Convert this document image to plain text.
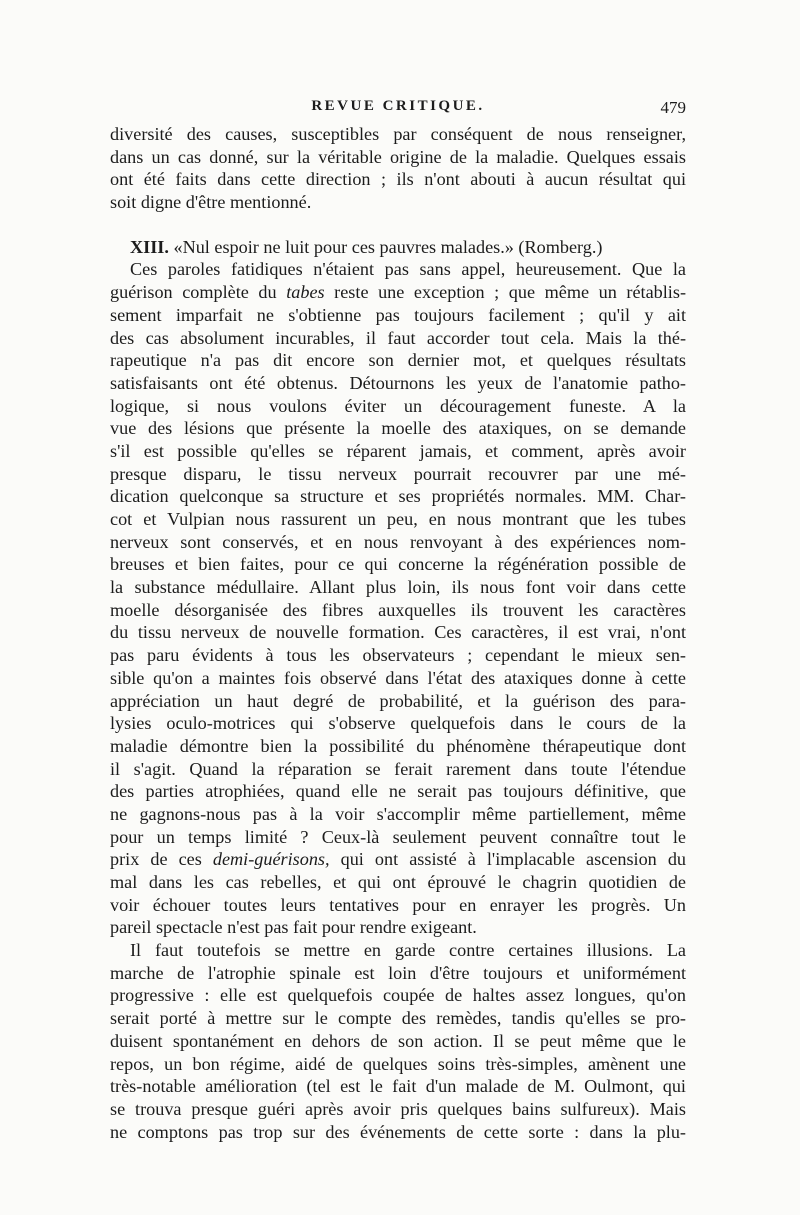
REVUE CRITIQUE.	479
diversité des causes, susceptibles par conséquent de nous renseigner,
dans un cas donné, sur la véritable origine de la maladie. Quelques essais
ont été faits dans cette direction ; ils n'ont abouti à aucun résultat qui
soit digne d'être mentionné.
XIII. «Nul espoir ne luit pour ces pauvres malades.» (Romberg.)
Ces paroles fatidiques n'étaient pas sans appel, heureusement. Que la
guérison complète du tabes reste une exception ; que même un rétablis-
sement imparfait ne s'obtienne pas toujours facilement ; qu'il y ait
des cas absolument incurables, il faut accorder tout cela. Mais la thé-
rapeutique n'a pas dit encore son dernier mot, et quelques résultats
satisfaisants ont été obtenus. Détournons les yeux de l'anatomie patho-
logique, si nous voulons éviter un découragement funeste. A la
vue des lésions que présente la moelle des ataxiques, on se demande
s'il est possible qu'elles se réparent jamais, et comment, après avoir
presque disparu, le tissu nerveux pourrait recouvrer par une mé-
dication quelconque sa structure et ses propriétés normales. MM. Char-
cot et Vulpian nous rassurent un peu, en nous montrant que les tubes
nerveux sont conservés, et en nous renvoyant à des expériences nom-
breuses et bien faites, pour ce qui concerne la régénération possible de
la substance médullaire. Allant plus loin, ils nous font voir dans cette
moelle désorganisée des fibres auxquelles ils trouvent les caractères
du tissu nerveux de nouvelle formation. Ces caractères, il est vrai, n'ont
pas paru évidents à tous les observateurs ; cependant le mieux sen-
sible qu'on a maintes fois observé dans l'état des ataxiques donne à cette
appréciation un haut degré de probabilité, et la guérison des para-
lysies oculo-motrices qui s'observe quelquefois dans le cours de la
maladie démontre bien la possibilité du phénomène thérapeutique dont
il s'agit. Quand la réparation se ferait rarement dans toute l'étendue
des parties atrophiées, quand elle ne serait pas toujours définitive, que
ne gagnons-nous pas à la voir s'accomplir même partiellement, même
pour un temps limité ? Ceux-là seulement peuvent connaître tout le
prix de ces demi-guérisons, qui ont assisté à l'implacable ascension du
mal dans les cas rebelles, et qui ont éprouvé le chagrin quotidien de
voir échouer toutes leurs tentatives pour en enrayer les progrès. Un
pareil spectacle n'est pas fait pour rendre exigeant.
Il faut toutefois se mettre en garde contre certaines illusions. La
marche de l'atrophie spinale est loin d'être toujours et uniformément
progressive : elle est quelquefois coupée de haltes assez longues, qu'on
serait porté à mettre sur le compte des remèdes, tandis qu'elles se pro-
duisent spontanément en dehors de son action. Il se peut même que le
repos, un bon régime, aidé de quelques soins très-simples, amènent une
très-notable amélioration (tel est le fait d'un malade de M. Oulmont, qui
se trouva presque guéri après avoir pris quelques bains sulfureux). Mais
ne comptons pas trop sur des événements de cette sorte : dans la plu-
